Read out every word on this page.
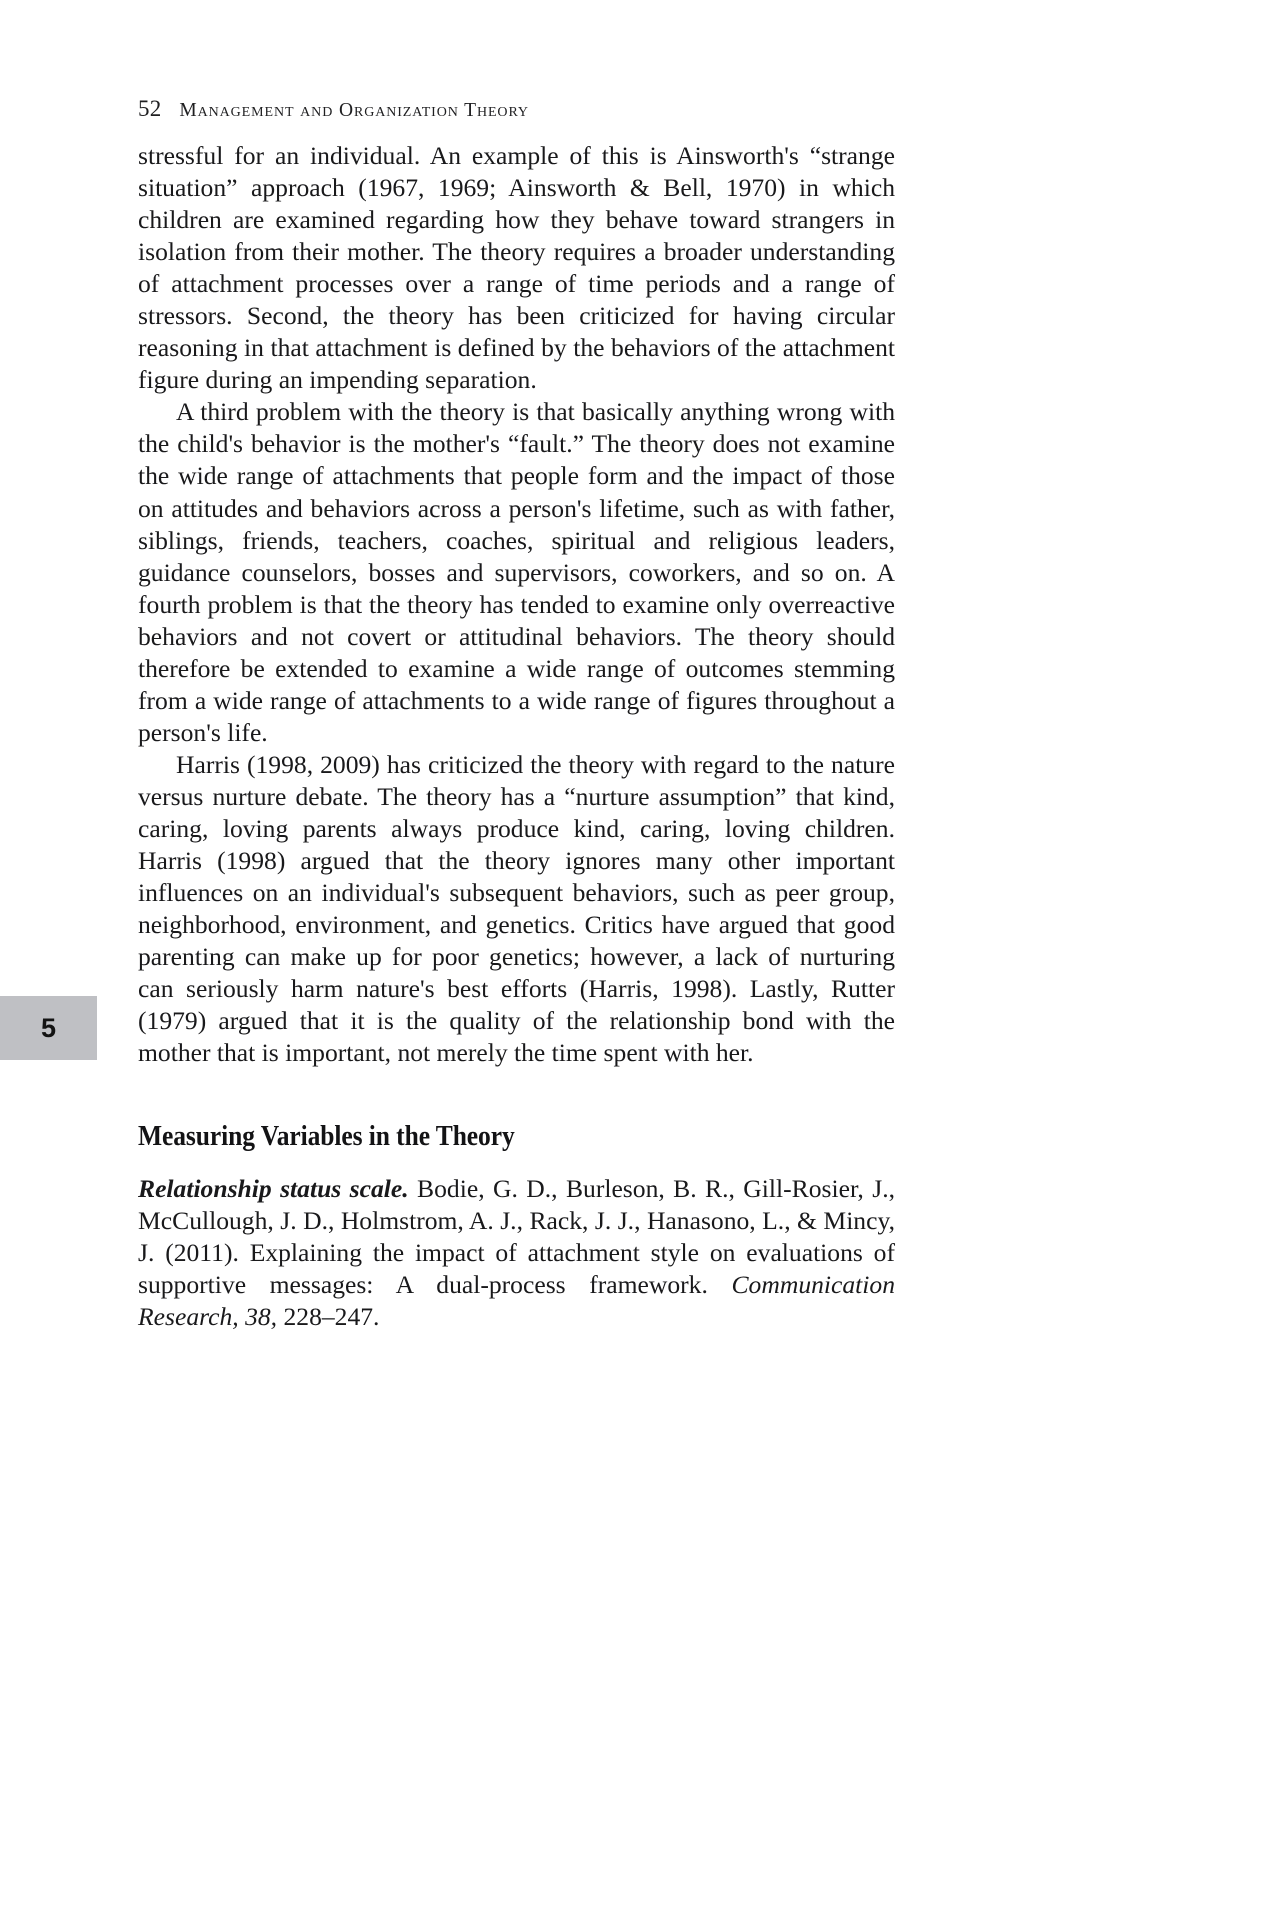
5
52 Management and Organization Theory

stressful for an individual. An example of this is Ainsworth's “strange situation” approach (1967, 1969; Ainsworth & Bell, 1970) in which children are examined regarding how they behave toward strangers in isolation from their mother. The theory requires a broader understanding of attachment processes over a range of time periods and a range of stressors. Second, the theory has been criticized for having circular reasoning in that attachment is defined by the behaviors of the attachment figure during an impending separation.

A third problem with the theory is that basically anything wrong with the child's behavior is the mother's “fault.” The theory does not examine the wide range of attachments that people form and the impact of those on attitudes and behaviors across a person's lifetime, such as with father, siblings, friends, teachers, coaches, spiritual and religious leaders, guidance counselors, bosses and supervisors, coworkers, and so on. A fourth problem is that the theory has tended to examine only overreactive behaviors and not covert or attitudinal behaviors. The theory should therefore be extended to examine a wide range of outcomes stemming from a wide range of attachments to a wide range of figures throughout a person's life.

Harris (1998, 2009) has criticized the theory with regard to the nature versus nurture debate. The theory has a “nurture assumption” that kind, caring, loving parents always produce kind, caring, loving children. Harris (1998) argued that the theory ignores many other important influences on an individual's subsequent behaviors, such as peer group, neighborhood, environment, and genetics. Critics have argued that good parenting can make up for poor genetics; however, a lack of nurturing can seriously harm nature's best efforts (Harris, 1998). Lastly, Rutter (1979) argued that it is the quality of the relationship bond with the mother that is important, not merely the time spent with her.

Measuring Variables in the Theory

Relationship status scale. Bodie, G. D., Burleson, B. R., Gill-Rosier, J., McCullough, J. D., Holmstrom, A. J., Rack, J. J., Hanasono, L., & Mincy, J. (2011). Explaining the impact of attachment style on evaluations of supportive messages: A dual-process framework. Communication Research, 38, 228–247.
